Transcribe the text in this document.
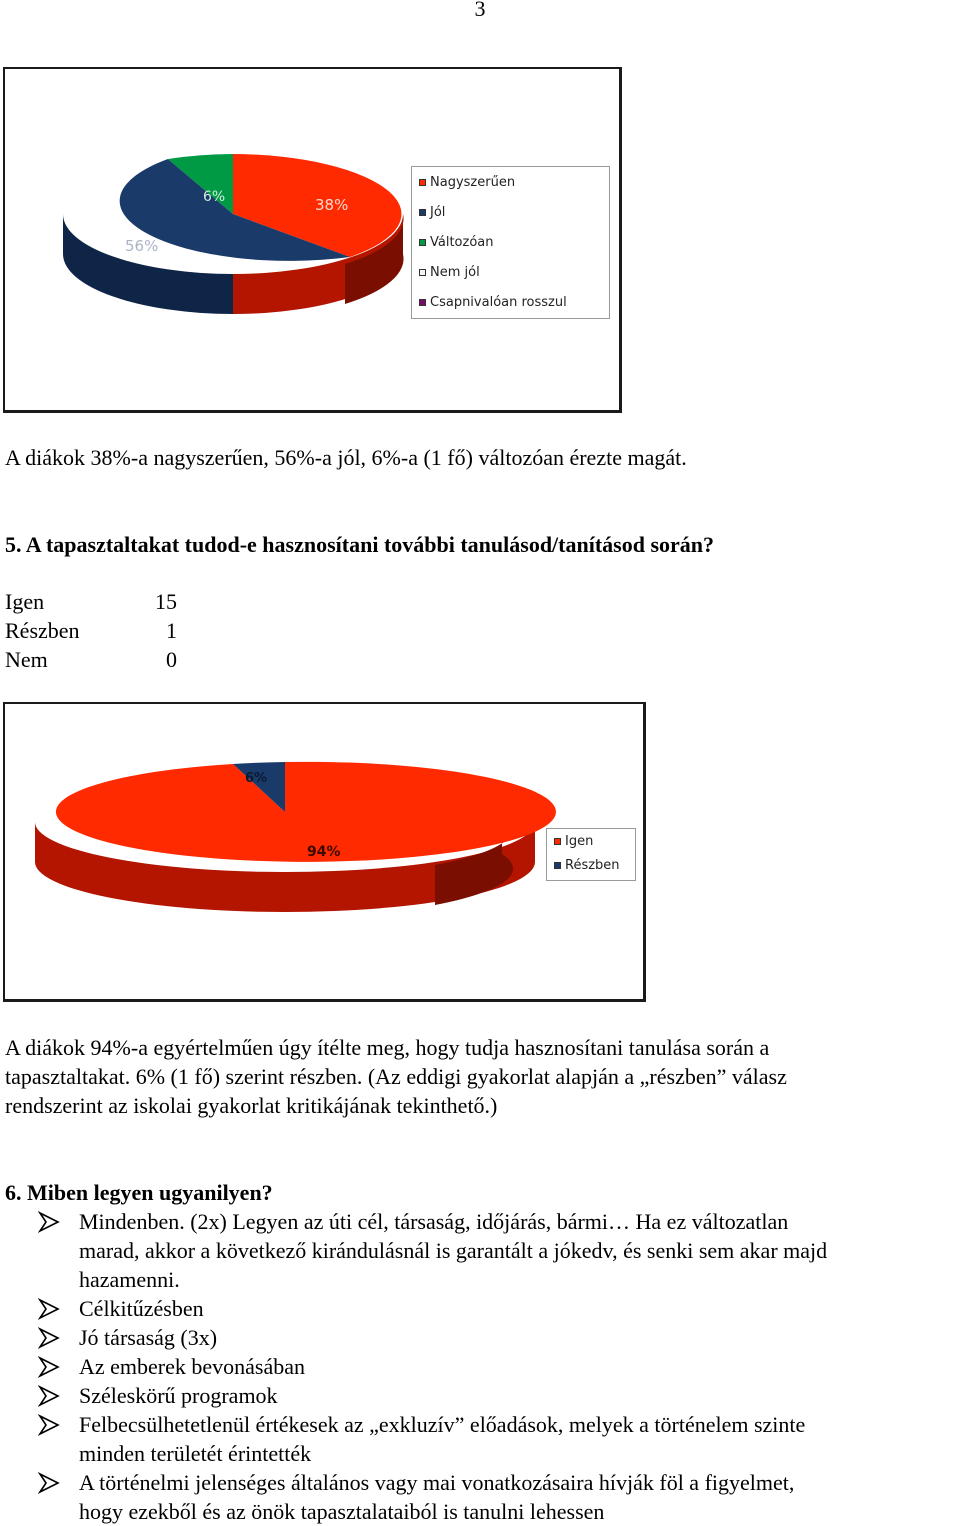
3
38%
56%
6%
Nagyszerűen
Jól
Változóan
Nem jól
Csapnivalóan rosszul
A diákok 38%-a nagyszerűen, 56%-a jól, 6%-a (1 fő) változóan érezte magát.
5. A tapasztaltakat tudod-e hasznosítani további tanulásod/tanításod során?
Igen	15
Részben	1
Nem	0
94%
6%
Igen
Részben
A diákok 94%-a egyértelműen úgy ítélte meg, hogy tudja hasznosítani tanulása során a
tapasztaltakat. 6% (1 fő) szerint részben. (Az eddigi gyakorlat alapján a „részben” válasz
rendszerint az iskolai gyakorlat kritikájának tekinthető.)
6. Miben legyen ugyanilyen?
Mindenben. (2x) Legyen az úti cél, társaság, időjárás, bármi… Ha ez változatlan
marad, akkor a következő kirándulásnál is garantált a jókedv, és senki sem akar majd
hazamenni.
Célkitűzésben
Jó társaság (3x)
Az emberek bevonásában
Széleskörű programok
Felbecsülhetetlenül értékesek az „exkluzív” előadások, melyek a történelem szinte
minden területét érintették
A történelmi jelenséges általános vagy mai vonatkozásaira hívják föl a figyelmet,
hogy ezekből és az önök tapasztalataiból is tanulni lehessen
